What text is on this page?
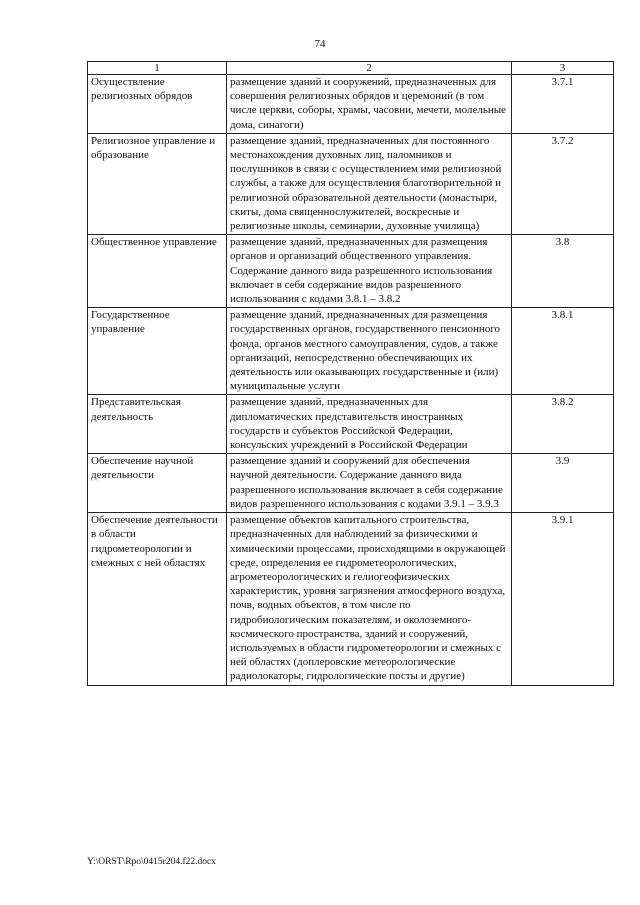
74
1	2	3
Осуществление религиозных обрядов	размещение зданий и сооружений, предназначенных для совершения религиозных обрядов и церемоний (в том числе церкви, соборы, храмы, часовни, мечети, молельные дома, синагоги)	3.7.1
Религиозное управление и образование	размещение зданий, предназначенных для постоянного местонахождения духовных лиц, паломников и послушников в связи с осуществлением ими религиозной службы, а также для осуществления благотворительной и религиозной образовательной деятельности (монастыри, скиты, дома священнослужителей, воскресные и религиозные школы, семинарии, духовные училища)	3.7.2
Общественное управление	размещение зданий, предназначенных для размещения органов и организаций общественного управления. Содержание данного вида разрешенного использования включает в себя содержание видов разрешенного использования с кодами 3.8.1 – 3.8.2	3.8
Государственное управление	размещение зданий, предназначенных для размещения государственных органов, государственного пенсионного фонда, органов местного самоуправления, судов, а также организаций, непосредственно обеспечивающих их деятельность или оказывающих государственные и (или) муниципальные услуги	3.8.1
Представительская деятельность	размещение зданий, предназначенных для дипломатических представительств иностранных государств и субъектов Российской Федерации, консульских учреждений в Российской Федерации	3.8.2
Обеспечение научной деятельности	размещение зданий и сооружений для обеспечения научной деятельности. Содержание данного вида разрешенного использования включает в себя содержание видов разрешенного использования с кодами 3.9.1 – 3.9.3	3.9
Обеспечение деятельности в области гидрометеорологии и смежных с ней областях	размещение объектов капитального строительства, предназначенных для наблюдений за физическими и химическими процессами, происходящими в окружающей среде, определения ее гидрометеорологических, агрометеорологических и гелиогеофизических характеристик, уровня загрязнения атмосферного воздуха, почв, водных объектов, в том числе по гидробиологическим показателям, и околоземного-космического пространства, зданий и сооружений, используемых в области гидрометеорологии и смежных с ней областях (доплеровские метеорологические радиолокаторы, гидрологические посты и другие)	3.9.1
Y:\ORST\Rpo\0415r204.f22.docx
